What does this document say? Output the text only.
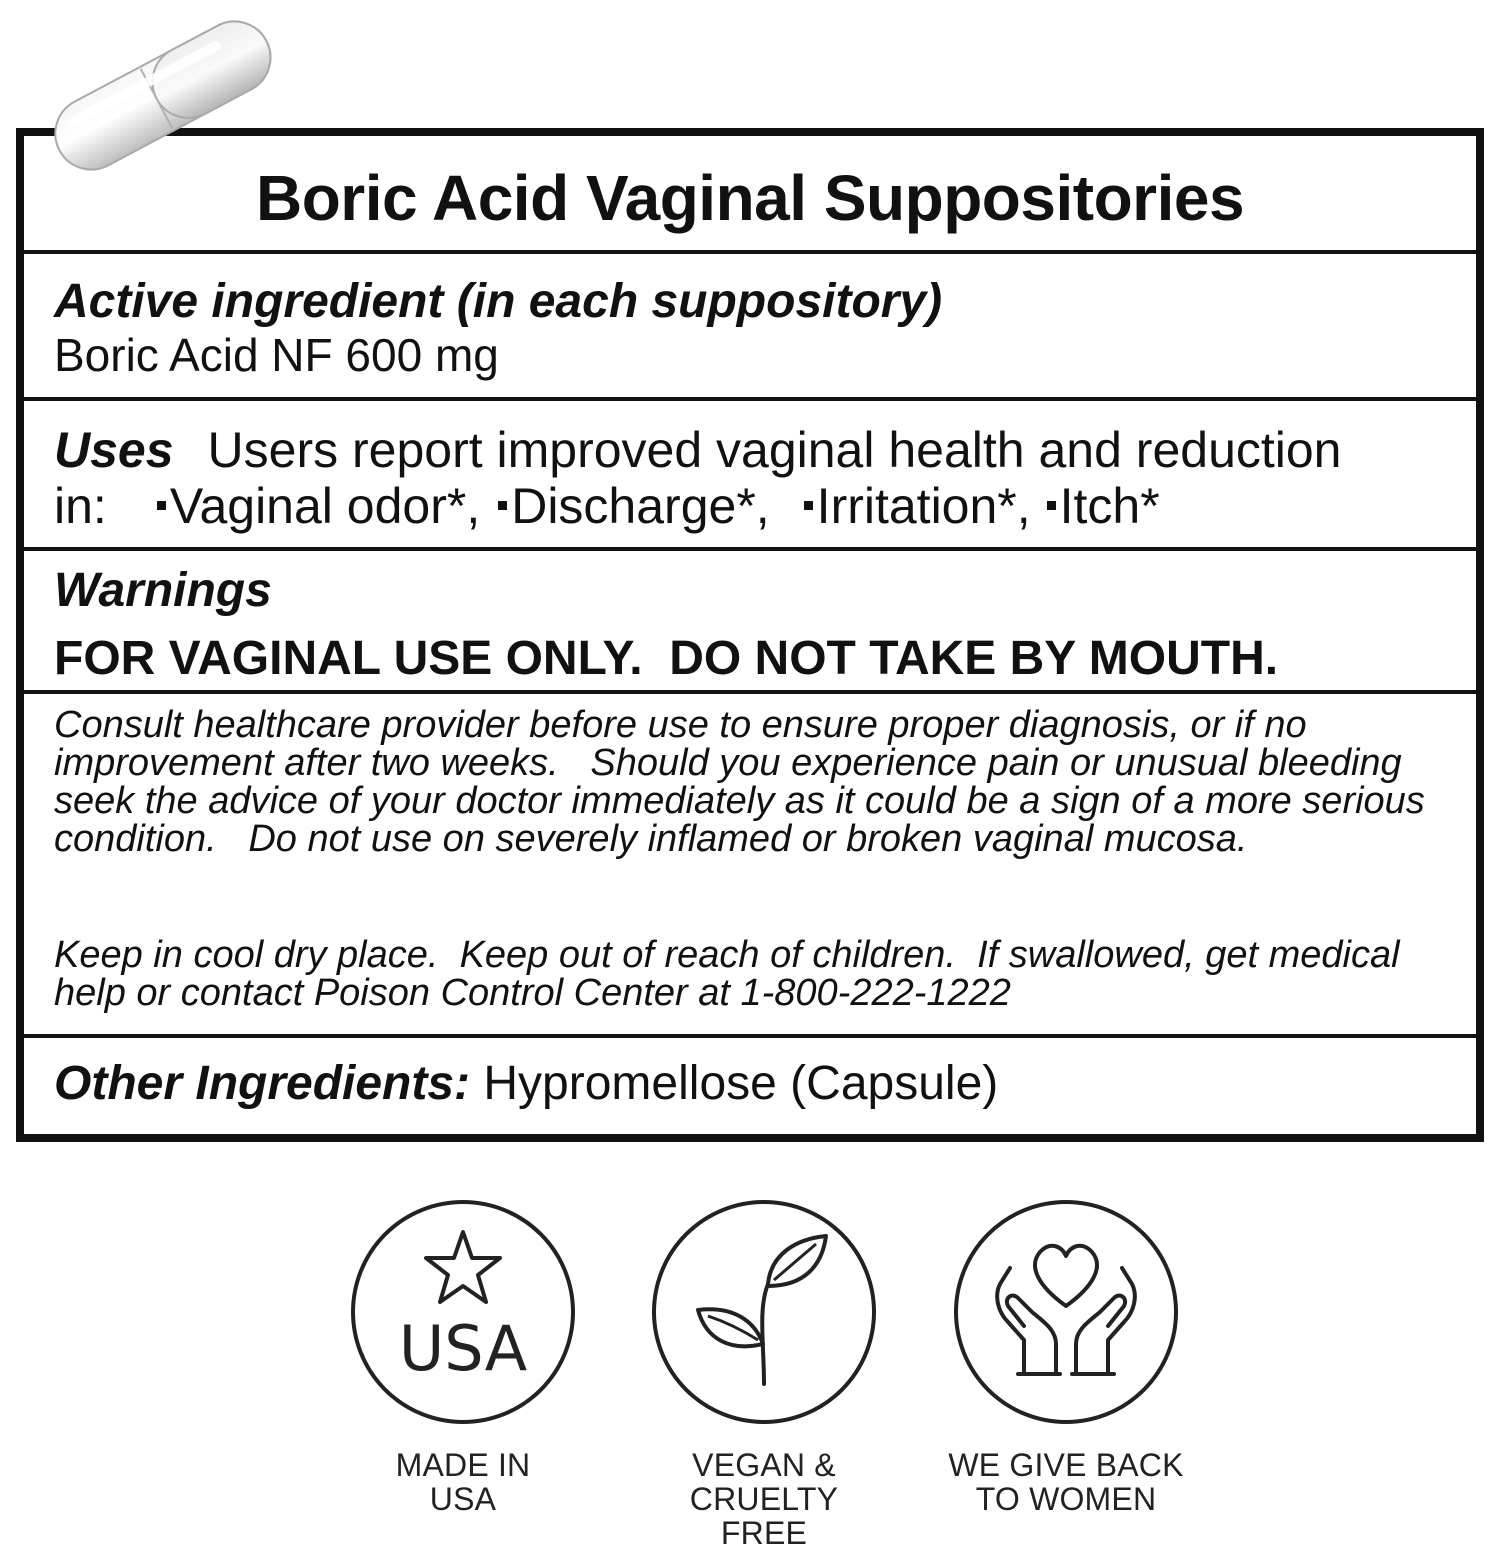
Boric Acid Vaginal Suppositories
Active ingredient (in each suppository)
Boric Acid NF 600 mg
Uses Users report improved vaginal health and reduction
in: Vaginal odor*, Discharge*, Irritation*, Itch*
Warnings
FOR VAGINAL USE ONLY.  DO NOT TAKE BY MOUTH.
Consult healthcare provider before use to ensure proper diagnosis, or if no improvement after two weeks.   Should you experience pain or unusual bleeding seek the advice of your doctor immediately as it could be a sign of a more serious condition.   Do not use on severely inflamed or broken vaginal mucosa.
Keep in cool dry place.  Keep out of reach of children.  If swallowed, get medical help or contact Poison Control Center at 1-800-222-1222
Other Ingredients: Hypromellose (Capsule)
USA
MADE IN
USA
VEGAN &
CRUELTY FREE
WE GIVE BACK
TO WOMEN
